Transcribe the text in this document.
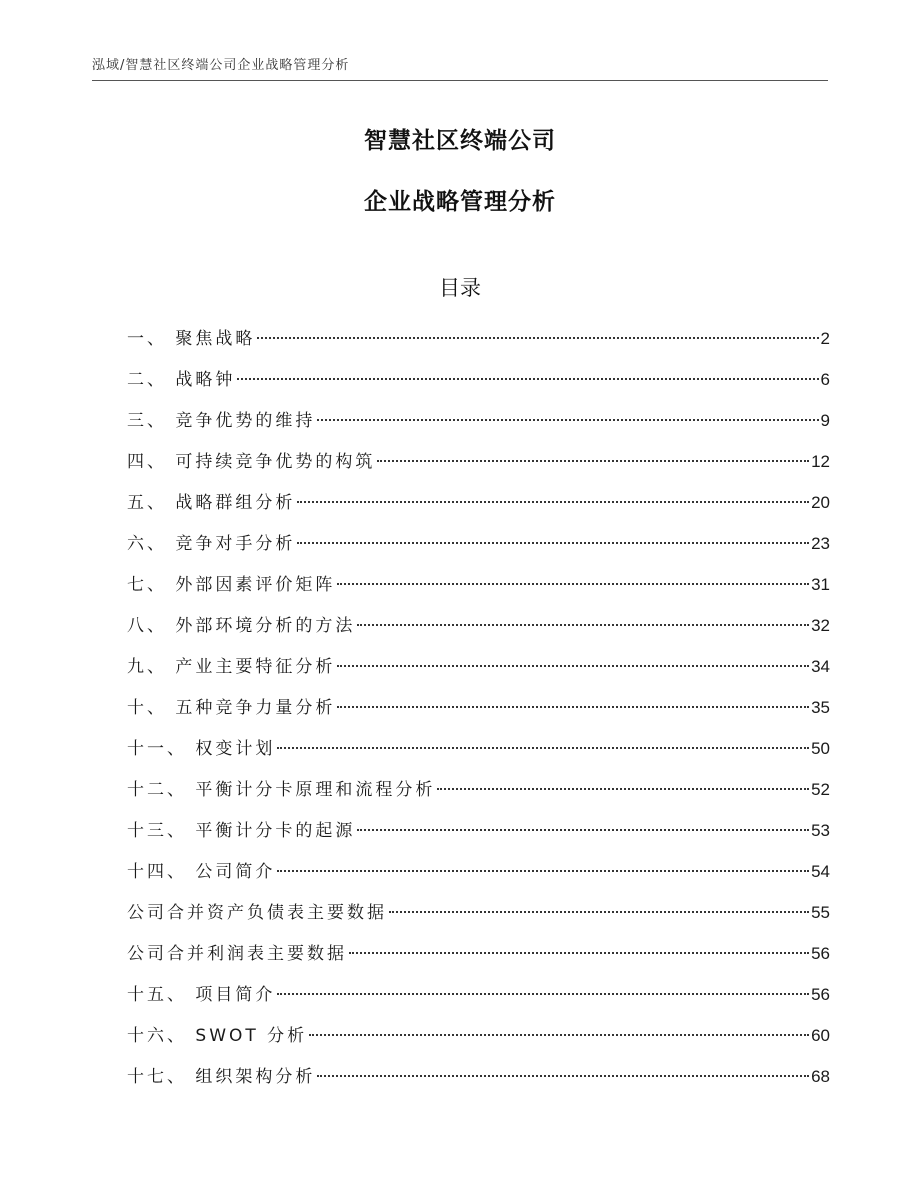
泓域/智慧社区终端公司企业战略管理分析
智慧社区终端公司
企业战略管理分析
目录
一、 聚焦战略	2
二、 战略钟	6
三、 竞争优势的维持	9
四、 可持续竞争优势的构筑	12
五、 战略群组分析	20
六、 竞争对手分析	23
七、 外部因素评价矩阵	31
八、 外部环境分析的方法	32
九、 产业主要特征分析	34
十、 五种竞争力量分析	35
十一、 权变计划	50
十二、 平衡计分卡原理和流程分析	52
十三、 平衡计分卡的起源	53
十四、 公司简介	54
公司合并资产负债表主要数据	55
公司合并利润表主要数据	56
十五、 项目简介	56
十六、 SWOT 分析	60
十七、 组织架构分析	68
